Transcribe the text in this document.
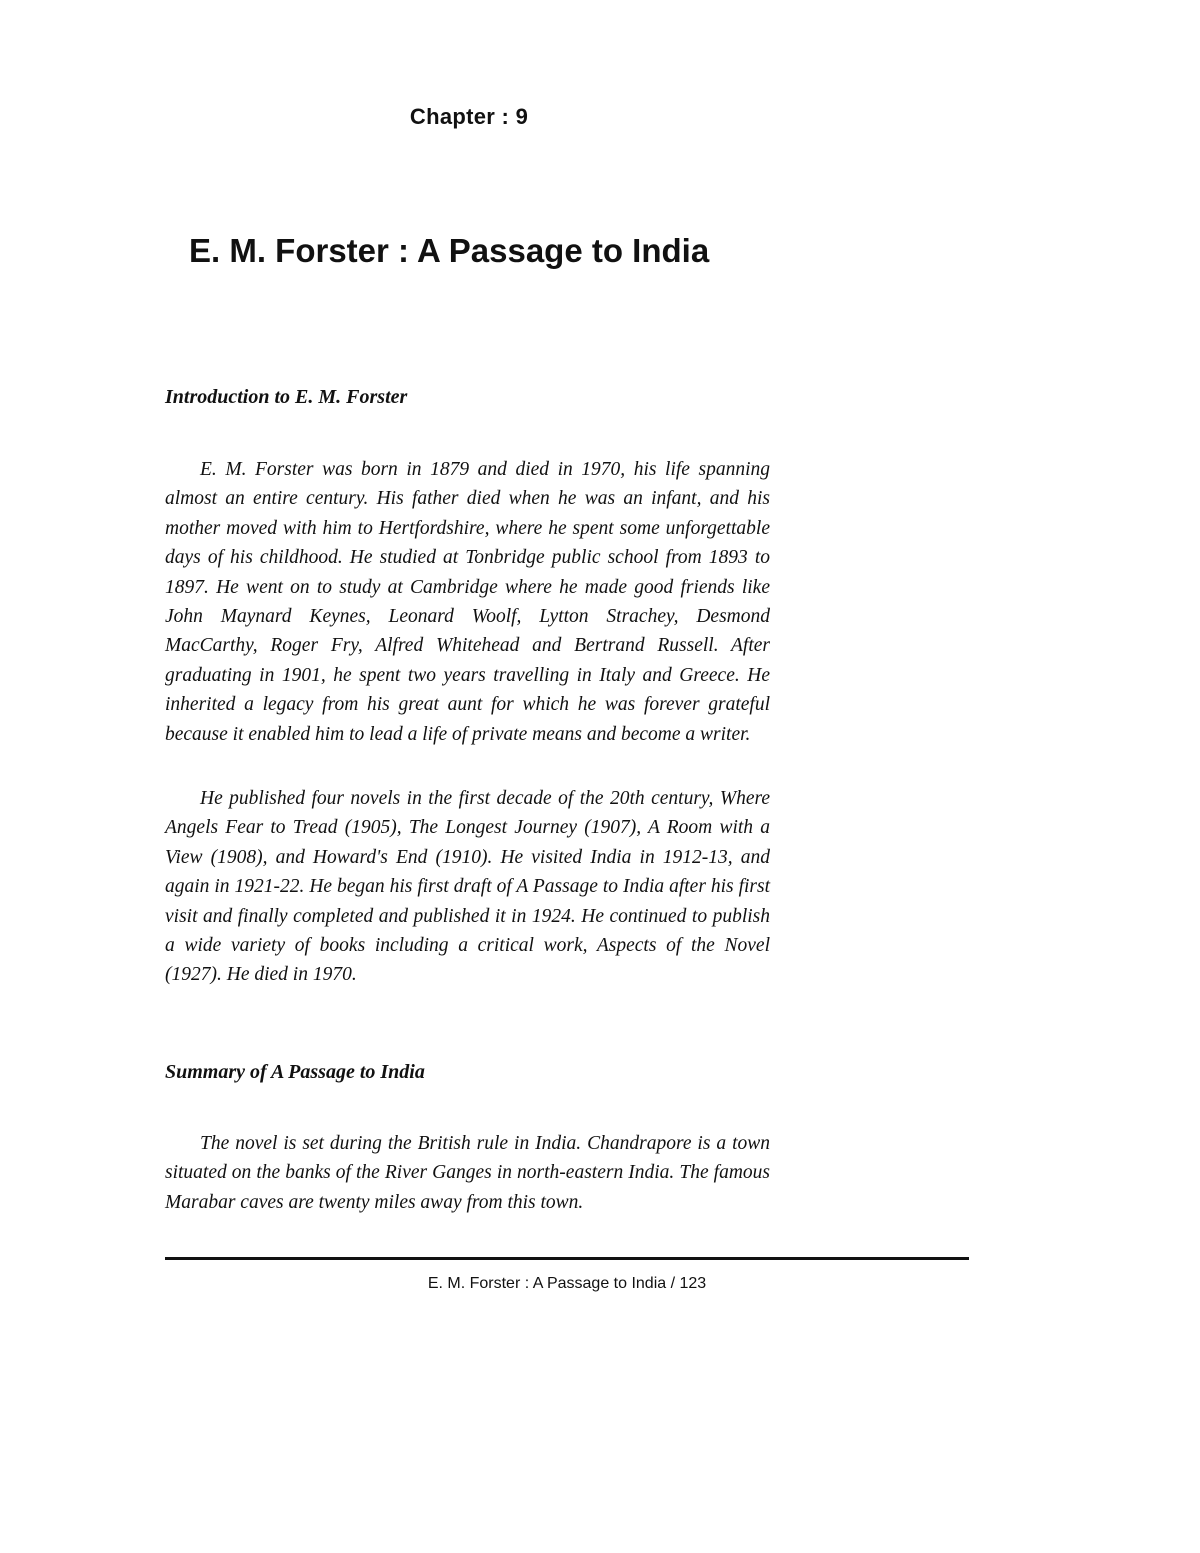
Chapter : 9
E. M. Forster : A Passage to India
Introduction to E. M. Forster

E. M. Forster was born in 1879 and died in 1970, his life spanning almost an entire century. His father died when he was an infant, and his mother moved with him to Hertfordshire, where he spent some unforgettable days of his childhood. He studied at Tonbridge public school from 1893 to 1897. He went on to study at Cambridge where he made good friends like John Maynard Keynes, Leonard Woolf, Lytton Strachey, Desmond MacCarthy, Roger Fry, Alfred Whitehead and Bertrand Russell. After graduating in 1901, he spent two years travelling in Italy and Greece. He inherited a legacy from his great aunt for which he was forever grateful because it enabled him to lead a life of private means and become a writer.

He published four novels in the first decade of the 20th century, Where Angels Fear to Tread (1905), The Longest Journey (1907), A Room with a View (1908), and Howard's End (1910). He visited India in 1912-13, and again in 1921-22. He began his first draft of A Passage to India after his first visit and finally completed and published it in 1924. He continued to publish a wide variety of books including a critical work, Aspects of the Novel (1927). He died in 1970.

Summary of A Passage to India

The novel is set during the British rule in India. Chandrapore is a town situated on the banks of the River Ganges in north-eastern India. The famous Marabar caves are twenty miles away from this town.

E. M. Forster : A Passage to India / 123
